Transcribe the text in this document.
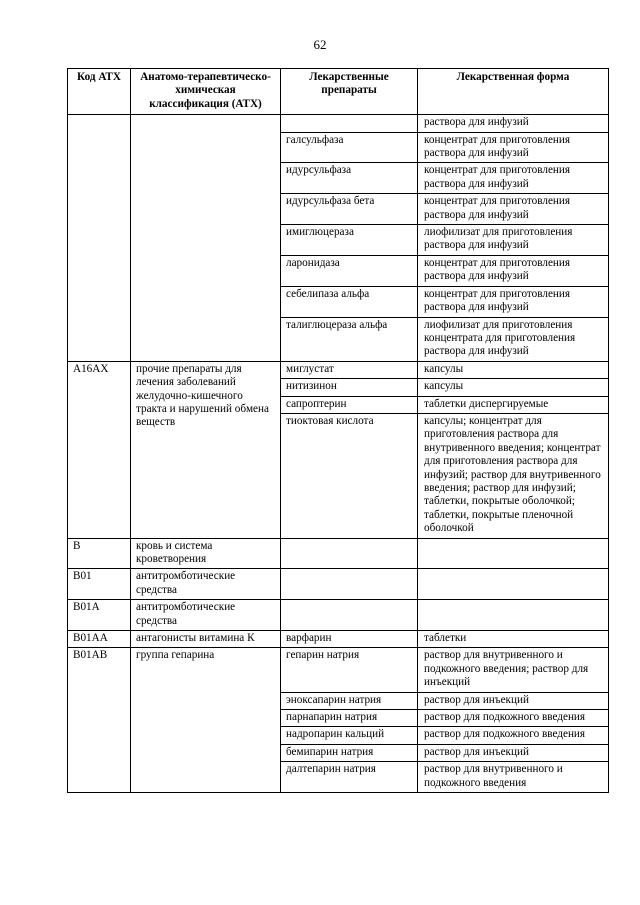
62
Код АТХ	Анатомо-терапевтическо-химическая классификация (АТХ)	Лекарственные препараты	Лекарственная форма
			раствора для инфузий
		галсульфаза	концентрат для приготовления раствора для инфузий
		идурсульфаза	концентрат для приготовления раствора для инфузий
		идурсульфаза бета	концентрат для приготовления раствора для инфузий
		имиглюцераза	лиофилизат для приготовления раствора для инфузий
		ларонидаза	концентрат для приготовления раствора для инфузий
		себелипаза альфа	концентрат для приготовления раствора для инфузий
		талиглюцераза альфа	лиофилизат для приготовления концентрата для приготовления раствора для инфузий
A16AX	прочие препараты для лечения заболеваний желудочно-кишечного тракта и нарушений обмена веществ	миглустат	капсулы
		нитизинон	капсулы
		сапроптерин	таблетки диспергируемые
		тиоктовая кислота	капсулы; концентрат для приготовления раствора для внутривенного введения; концентрат для приготовления раствора для инфузий; раствор для внутривенного введения; раствор для инфузий; таблетки, покрытые оболочкой; таблетки, покрытые пленочной оболочкой
B	кровь и система кроветворения		
B01	антитромботические средства		
B01A	антитромботические средства		
B01AA	антагонисты витамина К	варфарин	таблетки
B01AB	группа гепарина	гепарин натрия	раствор для внутривенного и подкожного введения; раствор для инъекций
		эноксапарин натрия	раствор для инъекций
		парнапарин натрия	раствор для подкожного введения
		надропарин кальций	раствор для подкожного введения
		бемипарин натрия	раствор для инъекций
		далтепарин натрия	раствор для внутривенного и подкожного введения
